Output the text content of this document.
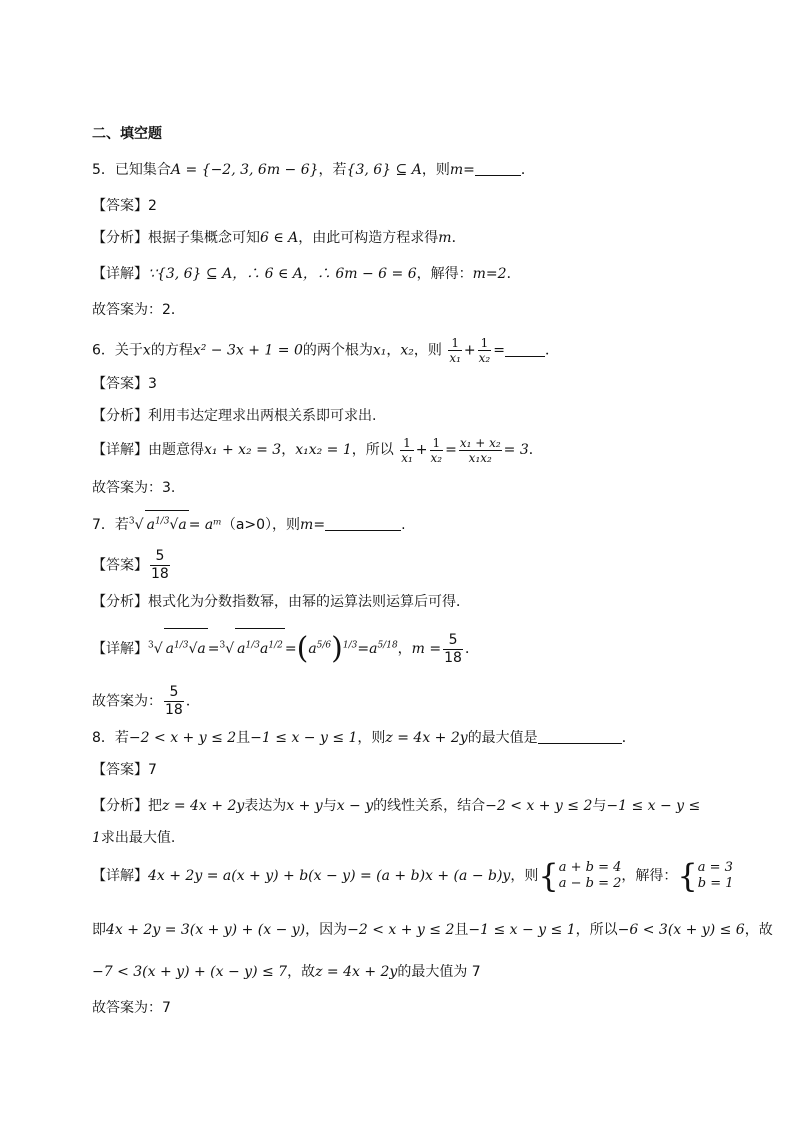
二、填空题
5．已知集合A = {−2, 3, 6m − 6}，若{3, 6} ⊆ A，则m=	．
【答案】2
【分析】根据子集概念可知6 ∈ A，由此可构造方程求得m．
【详解】∵{3, 6} ⊆ A，∴ 6 ∈ A，∴ 6m − 6 = 6，解得：m=2．
故答案为：2．
6．关于x的方程x² − 3x + 1 = 0的两个根为x₁，x₂，则 $\frac{1}{\text{x₁}} + \frac{1}{\text{x₂}}$ =	．
【答案】3
【分析】利用韦达定理求出两根关系即可求出.
【详解】由题意得x₁ + x₂ = 3，x₁x₂ = 1，所以 $\frac{1}{\text{x₁}} + \frac{1}{\text{x₂}} = \frac{\text{x₁ + x₂}}{\text{x₁x₂}} = 3$．
故答案为：3.
7．若$^3$√ $a^{1/3}√a$ = aᵐ（a>0），则m=	.
【答案】 $\frac{5}{18}$
【分析】根式化为分数指数幂，由幂的运算法则运算后可得．
【详解】$^3$√ $a^{1/3}√a =^3√$ $a^{1/3}a^{1/2} =(a^{5/6})^{1/3}=a^{5/18}$，$m = \frac{5}{18}$ ．
故答案为： $\frac{5}{18}$ ．
8．若−2 < x + y ≤ 2且−1 ≤ x − y ≤ 1，则z = 4x + 2y的最大值是	．
【答案】7
【分析】把z = 4x + 2y表达为x + y与x − y的线性关系，结合−2 < x + y ≤ 2与−1 ≤ x − y ≤ 1求出最大值.
【详解】4x + 2y = a(x + y) + b(x − y) = (a + b)x + (a − b)y，则{ a + b = 4
a − b = 2 ，解得：{ a = 3
b = 1
即4x + 2y = 3(x + y) + (x − y)，因为−2 < x + y ≤ 2且−1 ≤ x − y ≤ 1，所以−6 < 3(x + y) ≤ 6，故
−7 < 3(x + y) + (x − y) ≤ 7，故z = 4x + 2y的最大值为 7
故答案为：7
